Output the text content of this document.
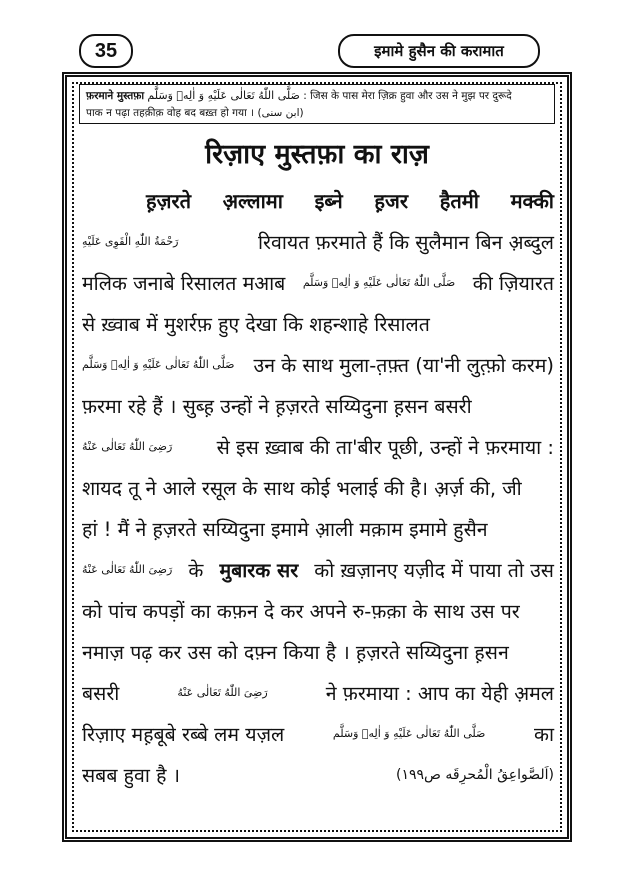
35	इमामे हुसैन की करामात
फ़रमाने मुस्तफ़ा صَلَّى اللّٰهُ تَعَالٰى عَلَيْهِ وَ اٰلِهٖ وَسَلَّم : जिस के पास मेरा ज़िक्र हुवा और उस ने मुझ पर दुरूदे
पाक न पढ़ा तहक़ीक़ वोह बद बख़्त हो गया । (ابن سنی)
रिज़ाए मुस्तफ़ा का राज़
ह़ज़रते अ़ल्लामा इब्ने ह़जर हैतमी मक्की
رَحْمَةُ اللّٰهِ الْقَوِی عَلَيْهِ	रिवायत फ़रमाते हैं कि सुलैमान बिन अ़ब्दुल
मलिक जनाबे रिसालत मआब صَلَّى اللّٰهُ تَعَالٰى عَلَيْهِ وَ اٰلِهٖ وَسَلَّم की ज़ियारत
से ख़्वाब में मुशर्रफ़ हुए देखा कि शहन्शाहे रिसालत
صَلَّى اللّٰهُ تَعَالٰى عَلَيْهِ وَ اٰلِهٖ وَسَلَّم उन के साथ मुला-त़फ़्त (या'नी लुत़्फ़ो करम)
फ़रमा रहे हैं । सुब्ह़ उन्हों ने ह़ज़रते सय्यिदुना ह़सन बसरी
رَضِیَ اللّٰهُ تَعَالٰى عَنْهُ से इस ख़्वाब की ता'बीर पूछी, उन्हों ने फ़रमाया :
शायद तू ने आले रसूल के साथ कोई भलाई की है। अ़र्ज़ की, जी
हां ! मैं ने ह़ज़रते सय्यिदुना इमामे आ़ली मक़ाम इमामे हुसैन
رَضِیَ اللّٰهُ تَعَالٰى عَنْهُ के मुबारक सर को ख़ज़ानए यज़ीद में पाया तो उस
को पांच कपड़ों का कफ़न दे कर अपने रु-फ़क़ा के साथ उस पर
नमाज़ पढ़ कर उस को दफ़्न किया है । ह़ज़रते सय्यिदुना ह़सन
बसरी	رَضِیَ اللّٰهُ تَعَالٰى عَنْهُ	ने फ़रमाया : आप का येही अ़मल
रिज़ाए मह़बूबे रब्बे लम यज़ल	صَلَّى اللّٰهُ تَعَالٰى عَلَيْهِ وَ اٰلِهٖ وَسَلَّم का
सबब हुवा है ।	(اَلصَّواعِقُ الْمُحرِقَه ص١٩٩)
